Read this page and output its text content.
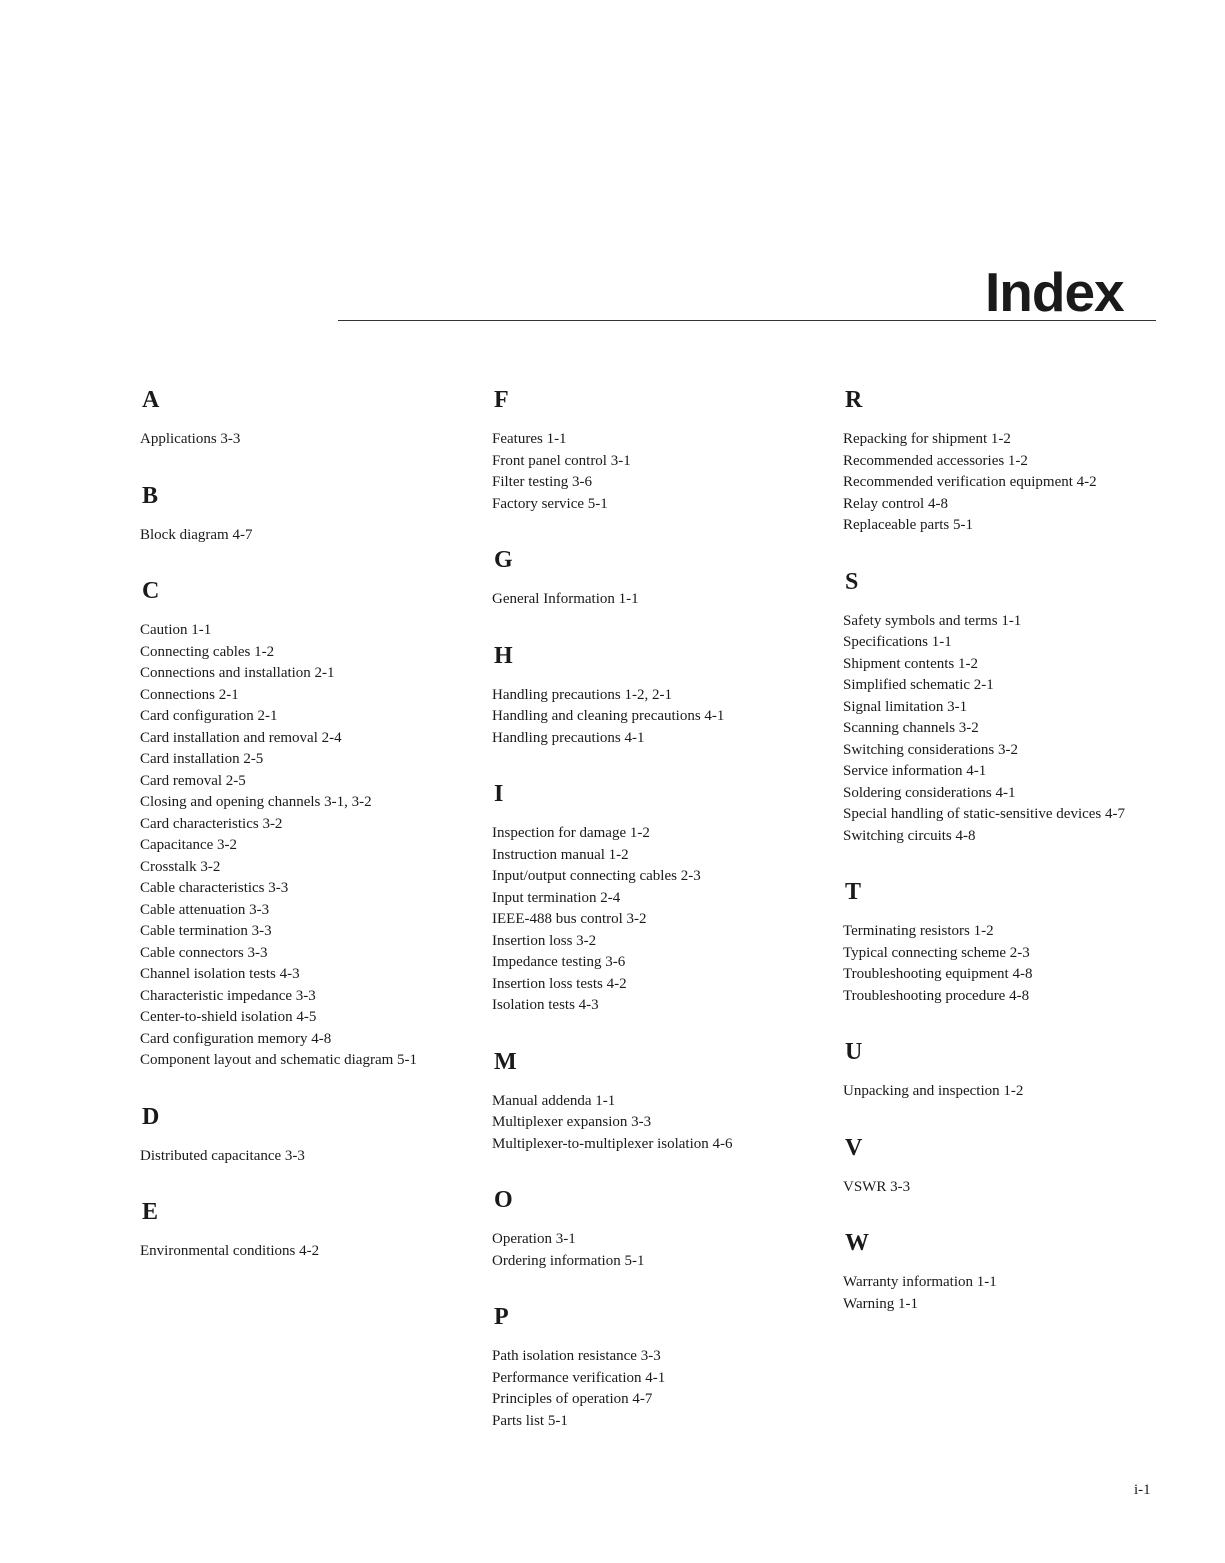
Index
A
Applications 3-3
B
Block diagram 4-7
C
Caution 1-1
Connecting cables 1-2
Connections and installation 2-1
Connections 2-1
Card configuration 2-1
Card installation and removal 2-4
Card installation 2-5
Card removal 2-5
Closing and opening channels 3-1, 3-2
Card characteristics 3-2
Capacitance 3-2
Crosstalk 3-2
Cable characteristics 3-3
Cable attenuation 3-3
Cable termination 3-3
Cable connectors 3-3
Channel isolation tests 4-3
Characteristic impedance 3-3
Center-to-shield isolation 4-5
Card configuration memory 4-8
Component layout and schematic diagram 5-1
D
Distributed capacitance 3-3
E
Environmental conditions 4-2
F
Features 1-1
Front panel control 3-1
Filter testing 3-6
Factory service 5-1
G
General Information 1-1
H
Handling precautions 1-2, 2-1
Handling and cleaning precautions 4-1
Handling precautions 4-1
I
Inspection for damage 1-2
Instruction manual 1-2
Input/output connecting cables 2-3
Input termination 2-4
IEEE-488 bus control 3-2
Insertion loss 3-2
Impedance testing 3-6
Insertion loss tests 4-2
Isolation tests 4-3
M
Manual addenda 1-1
Multiplexer expansion 3-3
Multiplexer-to-multiplexer isolation 4-6
O
Operation 3-1
Ordering information 5-1
P
Path isolation resistance 3-3
Performance verification 4-1
Principles of operation 4-7
Parts list 5-1
R
Repacking for shipment 1-2
Recommended accessories 1-2
Recommended verification equipment 4-2
Relay control 4-8
Replaceable parts 5-1
S
Safety symbols and terms 1-1
Specifications 1-1
Shipment contents 1-2
Simplified schematic 2-1
Signal limitation 3-1
Scanning channels 3-2
Switching considerations 3-2
Service information 4-1
Soldering considerations 4-1
Special handling of static-sensitive devices 4-7
Switching circuits 4-8
T
Terminating resistors 1-2
Typical connecting scheme 2-3
Troubleshooting equipment 4-8
Troubleshooting procedure 4-8
U
Unpacking and inspection 1-2
V
VSWR 3-3
W
Warranty information 1-1
Warning 1-1
i-1
